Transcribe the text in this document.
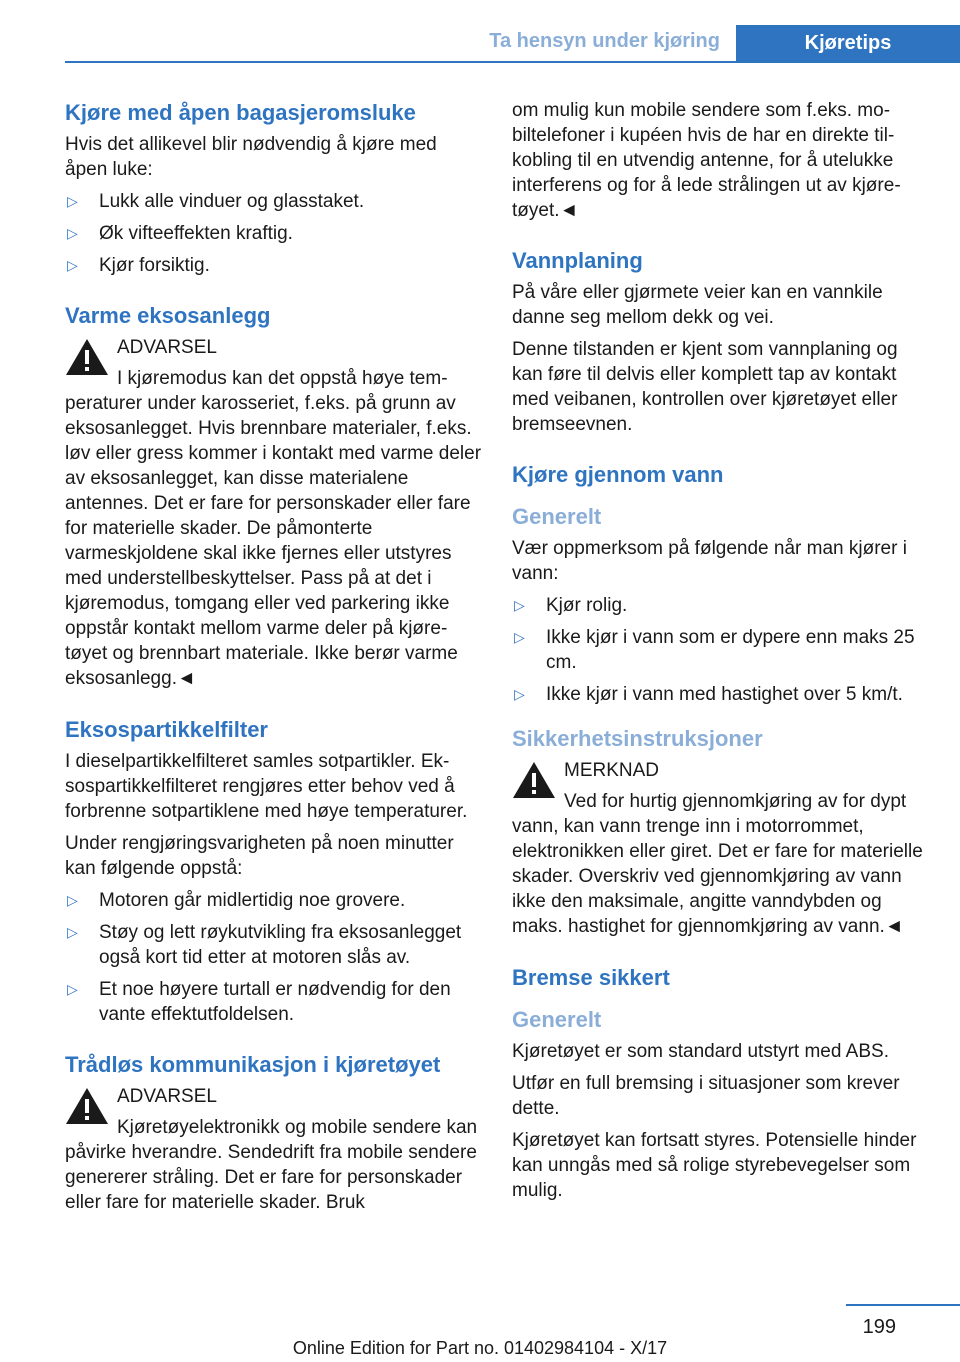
Ta hensyn under kjøring	Kjøretips
Kjøre med åpen bagasjeromsluke

Hvis det allikevel blir nødvendig å kjøre med åpen luke:

▷ Lukk alle vinduer og glasstaket.
▷ Øk vifteeffekten kraftig.
▷ Kjør forsiktig.
Varme eksosanlegg
ADVARSEL
I kjøremodus kan det oppstå høye temperaturer under karosseriet, f.eks. på grunn av eksosanlegget. Hvis brennbare materialer, f.eks. løv eller gress kommer i kontakt med varme deler av eksosanlegget, kan disse materialene antennes. Det er fare for personskader eller fare for materielle skader. De påmonterte varmeskjoldene skal ikke fjernes eller utstyres med understellbeskyttelser. Pass på at det i kjøremodus, tomgang eller ved parkering ikke oppstår kontakt mellom varme deler på kjøretøyet og brennbart materiale. Ikke berør varme eksosanlegg.◄
Eksospartikkelfilter

I dieselpartikkelfilteret samles sotpartikler. Eksospartikkelfilteret rengjøres etter behov ved å forbrenne sotpartiklene med høye temperaturer.

Under rengjøringsvarigheten på noen minutter kan følgende oppstå:

▷ Motoren går midlertidig noe grovere.
▷ Støy og lett røykutvikling fra eksosanlegget også kort tid etter at motoren slås av.
▷ Et noe høyere turtall er nødvendig for den vante effektutfoldelsen.
Trådløs kommunikasjon i kjøretøyet
ADVARSEL
Kjøretøyelektronikk og mobile sendere kan påvirke hverandre. Sendedrift fra mobile sendere genererer stråling. Det er fare for personskader eller fare for materielle skader. Bruk

om mulig kun mobile sendere som f.eks. mobiltelefoner i kupéen hvis de har en direkte tilkobling til en utvendig antenne, for å utelukke interferens og for å lede strålingen ut av kjøretøyet.◄

Vannplaning

På våre eller gjørmete veier kan en vannkile danne seg mellom dekk og vei.

Denne tilstanden er kjent som vannplaning og kan føre til delvis eller komplett tap av kontakt med veibanen, kontrollen over kjøretøyet eller bremseevnen.

Kjøre gjennom vann
Generelt

Vær oppmerksom på følgende når man kjører i vann:

▷ Kjør rolig.
▷ Ikke kjør i vann som er dypere enn maks 25 cm.
▷ Ikke kjør i vann med hastighet over 5 km/t.
Sikkerhetsinstruksjoner
MERKNAD
Ved for hurtig gjennomkjøring av for dypt vann, kan vann trenge inn i motorrommet, elektronikken eller giret. Det er fare for materielle skader. Overskriv ved gjennomkjøring av vann ikke den maksimale, angitte vanndybden og maks. hastighet for gjennomkjøring av vann.◄
Bremse sikkert
Generelt

Kjøretøyet er som standard utstyrt med ABS.

Utfør en full bremsing i situasjoner som krever dette.

Kjøretøyet kan fortsatt styres. Potensielle hinder kan unngås med så rolige styrebevegelser som mulig.

199
Online Edition for Part no. 01402984104 - X/17
